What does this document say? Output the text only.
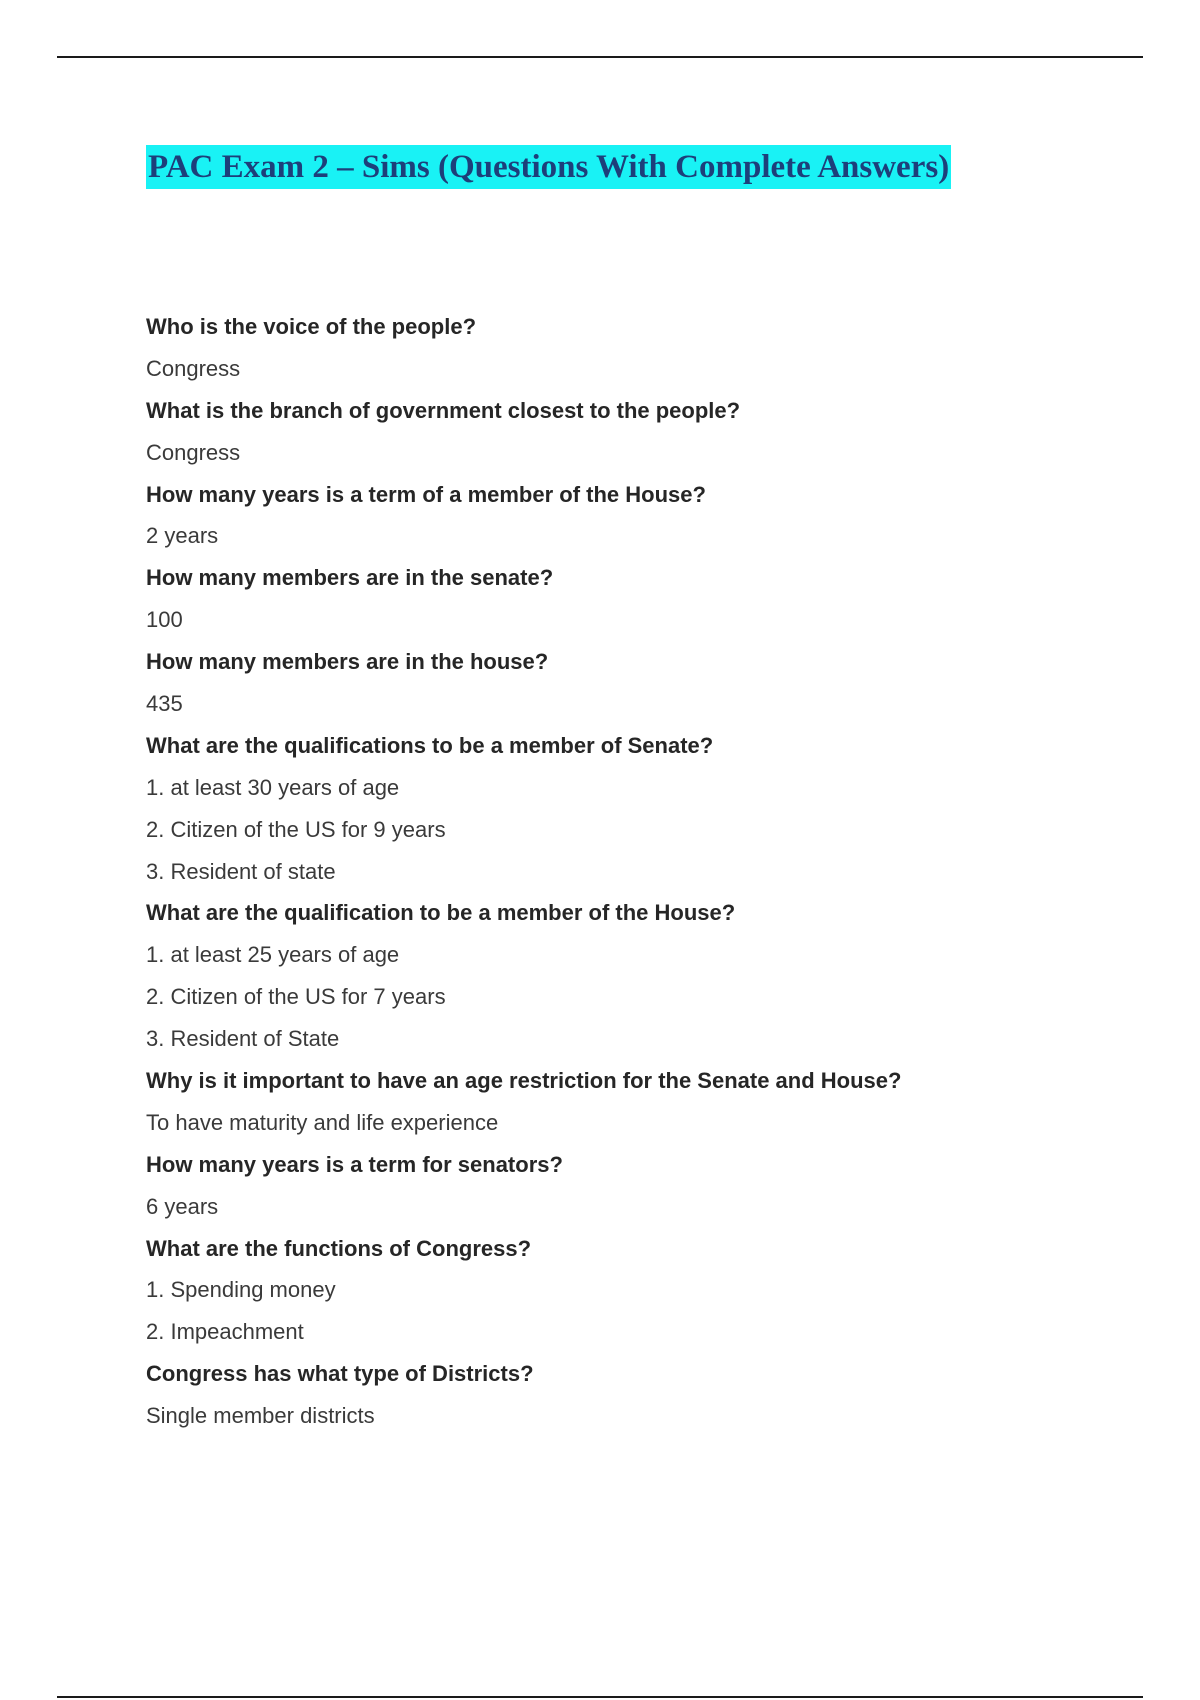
PAC Exam 2 – Sims (Questions With Complete Answers)
Who is the voice of the people?
Congress
What is the branch of government closest to the people?
Congress
How many years is a term of a member of the House?
2 years
How many members are in the senate?
100
How many members are in the house?
435
What are the qualifications to be a member of Senate?
1. at least 30 years of age
2. Citizen of the US for 9 years
3. Resident of state
What are the qualification to be a member of the House?
1. at least 25 years of age
2. Citizen of the US for 7 years
3. Resident of State
Why is it important to have an age restriction for the Senate and House?
To have maturity and life experience
How many years is a term for senators?
6 years
What are the functions of Congress?
1. Spending money
2. Impeachment
Congress has what type of Districts?
Single member districts
